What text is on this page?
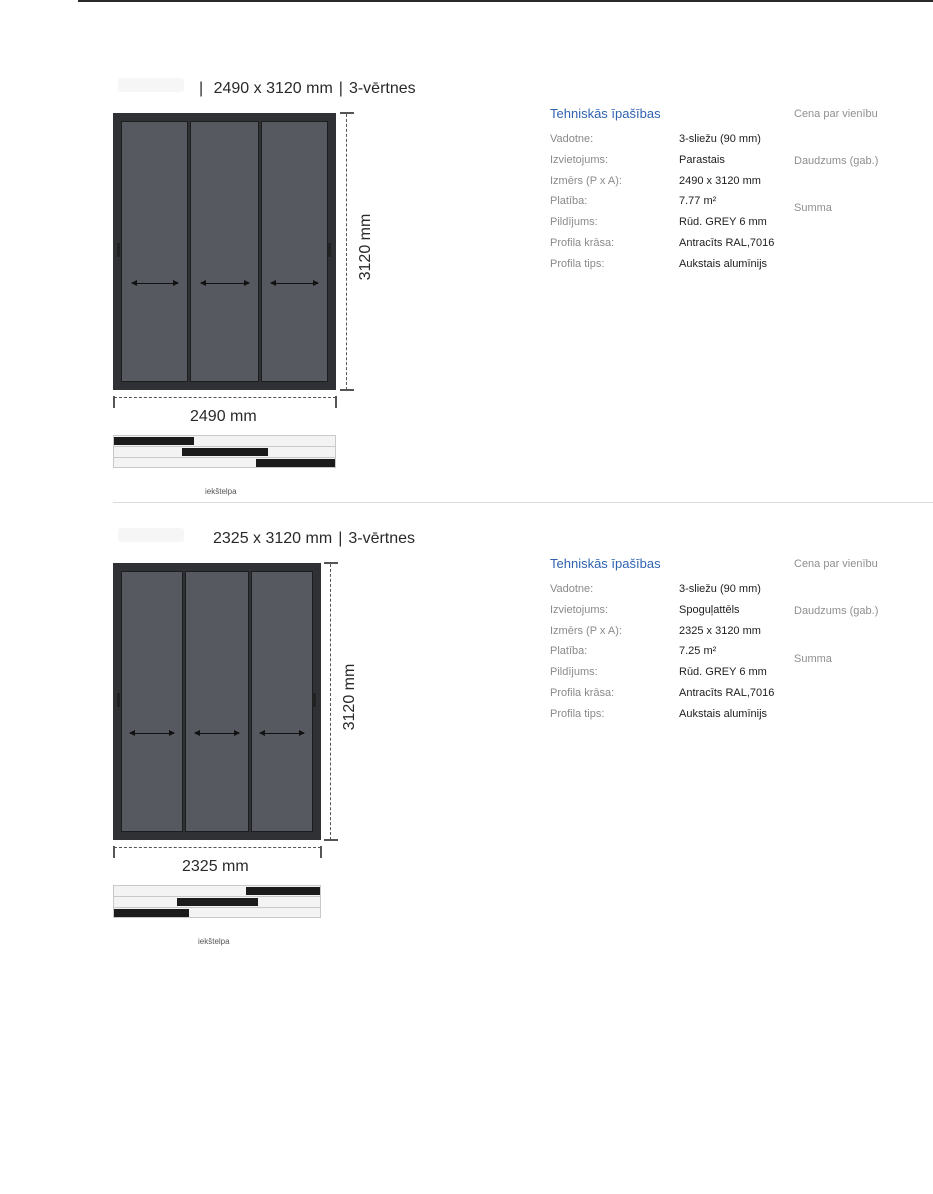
| 2490 x 3120 mm | 3-vērtnes
3120 mm
2490 mm
iekštelpa
Tehniskās īpašības
Vadotne:	3-sliežu (90 mm)
Izvietojums:	Parastais
Izmērs (P x A):	2490 x 3120 mm
Platība:	7.77 m²
Pildījums:	Rūd. GREY 6 mm
Profila krāsa:	Antracīts RAL,7016
Profila tips:	Aukstais alumīnijs
Cena par vienību
Daudzums (gab.)
Summa
2325 x 3120 mm | 3-vērtnes
3120 mm
2325 mm
iekštelpa
Tehniskās īpašības
Vadotne:	3-sliežu (90 mm)
Izvietojums:	Spoguļattēls
Izmērs (P x A):	2325 x 3120 mm
Platība:	7.25 m²
Pildījums:	Rūd. GREY 6 mm
Profila krāsa:	Antracīts RAL,7016
Profila tips:	Aukstais alumīnijs
Cena par vienību
Daudzums (gab.)
Summa
